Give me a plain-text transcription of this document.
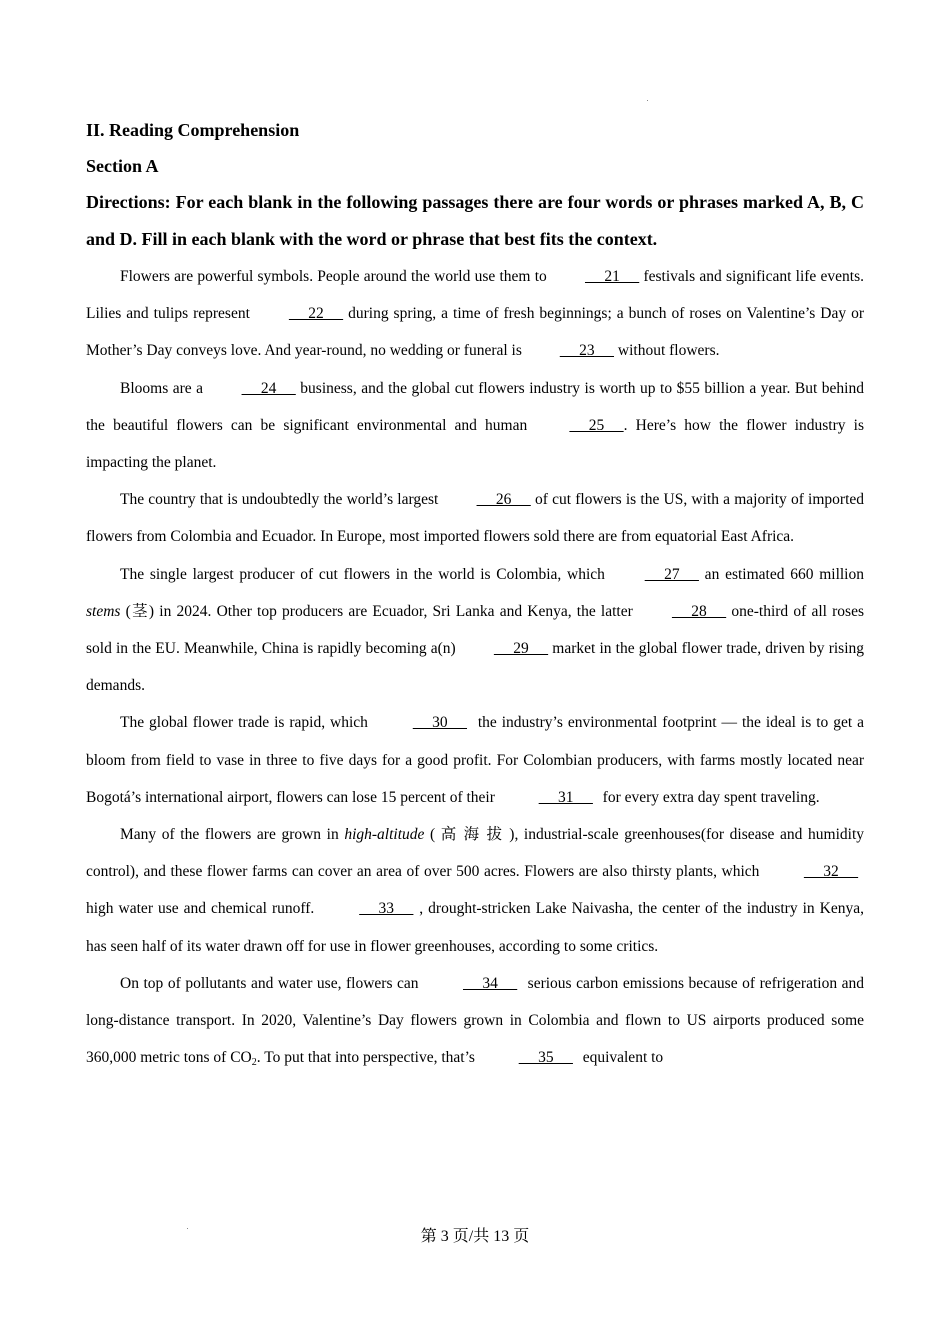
II. Reading Comprehension

Section A

Directions: For each blank in the following passages there are four words or phrases marked A, B, C and D. Fill in each blank with the word or phrase that best fits the context.

Flowers are powerful symbols. People around the world use them to      21      festivals and significant life events. Lilies and tulips represent      22      during spring, a time of fresh beginnings; a bunch of roses on Valentine’s Day or Mother’s Day conveys love. And year-round, no wedding or funeral is      23      without flowers.

Blooms are a      24      business, and the global cut flowers industry is worth up to $55 billion a year. But behind the beautiful flowers can be significant environmental and human      25     . Here’s how the flower industry is impacting the planet.

The country that is undoubtedly the world’s largest      26      of cut flowers is the US, with a majority of imported flowers from Colombia and Ecuador. In Europe, most imported flowers sold there are from equatorial East Africa.

The single largest producer of cut flowers in the world is Colombia, which      27      an estimated 660 million stems (茎) in 2024. Other top producers are Ecuador, Sri Lanka and Kenya, the latter      28      one-third of all roses sold in the EU. Meanwhile, China is rapidly becoming a(n)      29      market in the global flower trade, driven by rising demands.

The global flower trade is rapid, which	30      the industry’s environmental footprint — the ideal is to get a bloom from field to vase in three to five days for a good profit. For Colombian producers, with farms mostly located near Bogotá’s international airport, flowers can lose 15 percent of their	31      for every extra day spent traveling.

Many of the flowers are grown in high-altitude ( 高 海 拔 ), industrial-scale greenhouses(for disease and humidity control), and these flower farms can cover an area of over 500 acres. Flowers are also thirsty plants, which	32      high water use and chemical runoff.	33     , drought-stricken Lake Naivasha, the center of the industry in Kenya, has seen half of its water drawn off for use in flower greenhouses, according to some critics.

On top of pollutants and water use, flowers can	34      serious carbon emissions because of refrigeration and long-distance transport. In 2020, Valentine’s Day flowers grown in Colombia and flown to US airports produced some 360,000 metric tons of CO2. To put that into perspective, that’s	35      equivalent to

第 3 页/共 13 页
